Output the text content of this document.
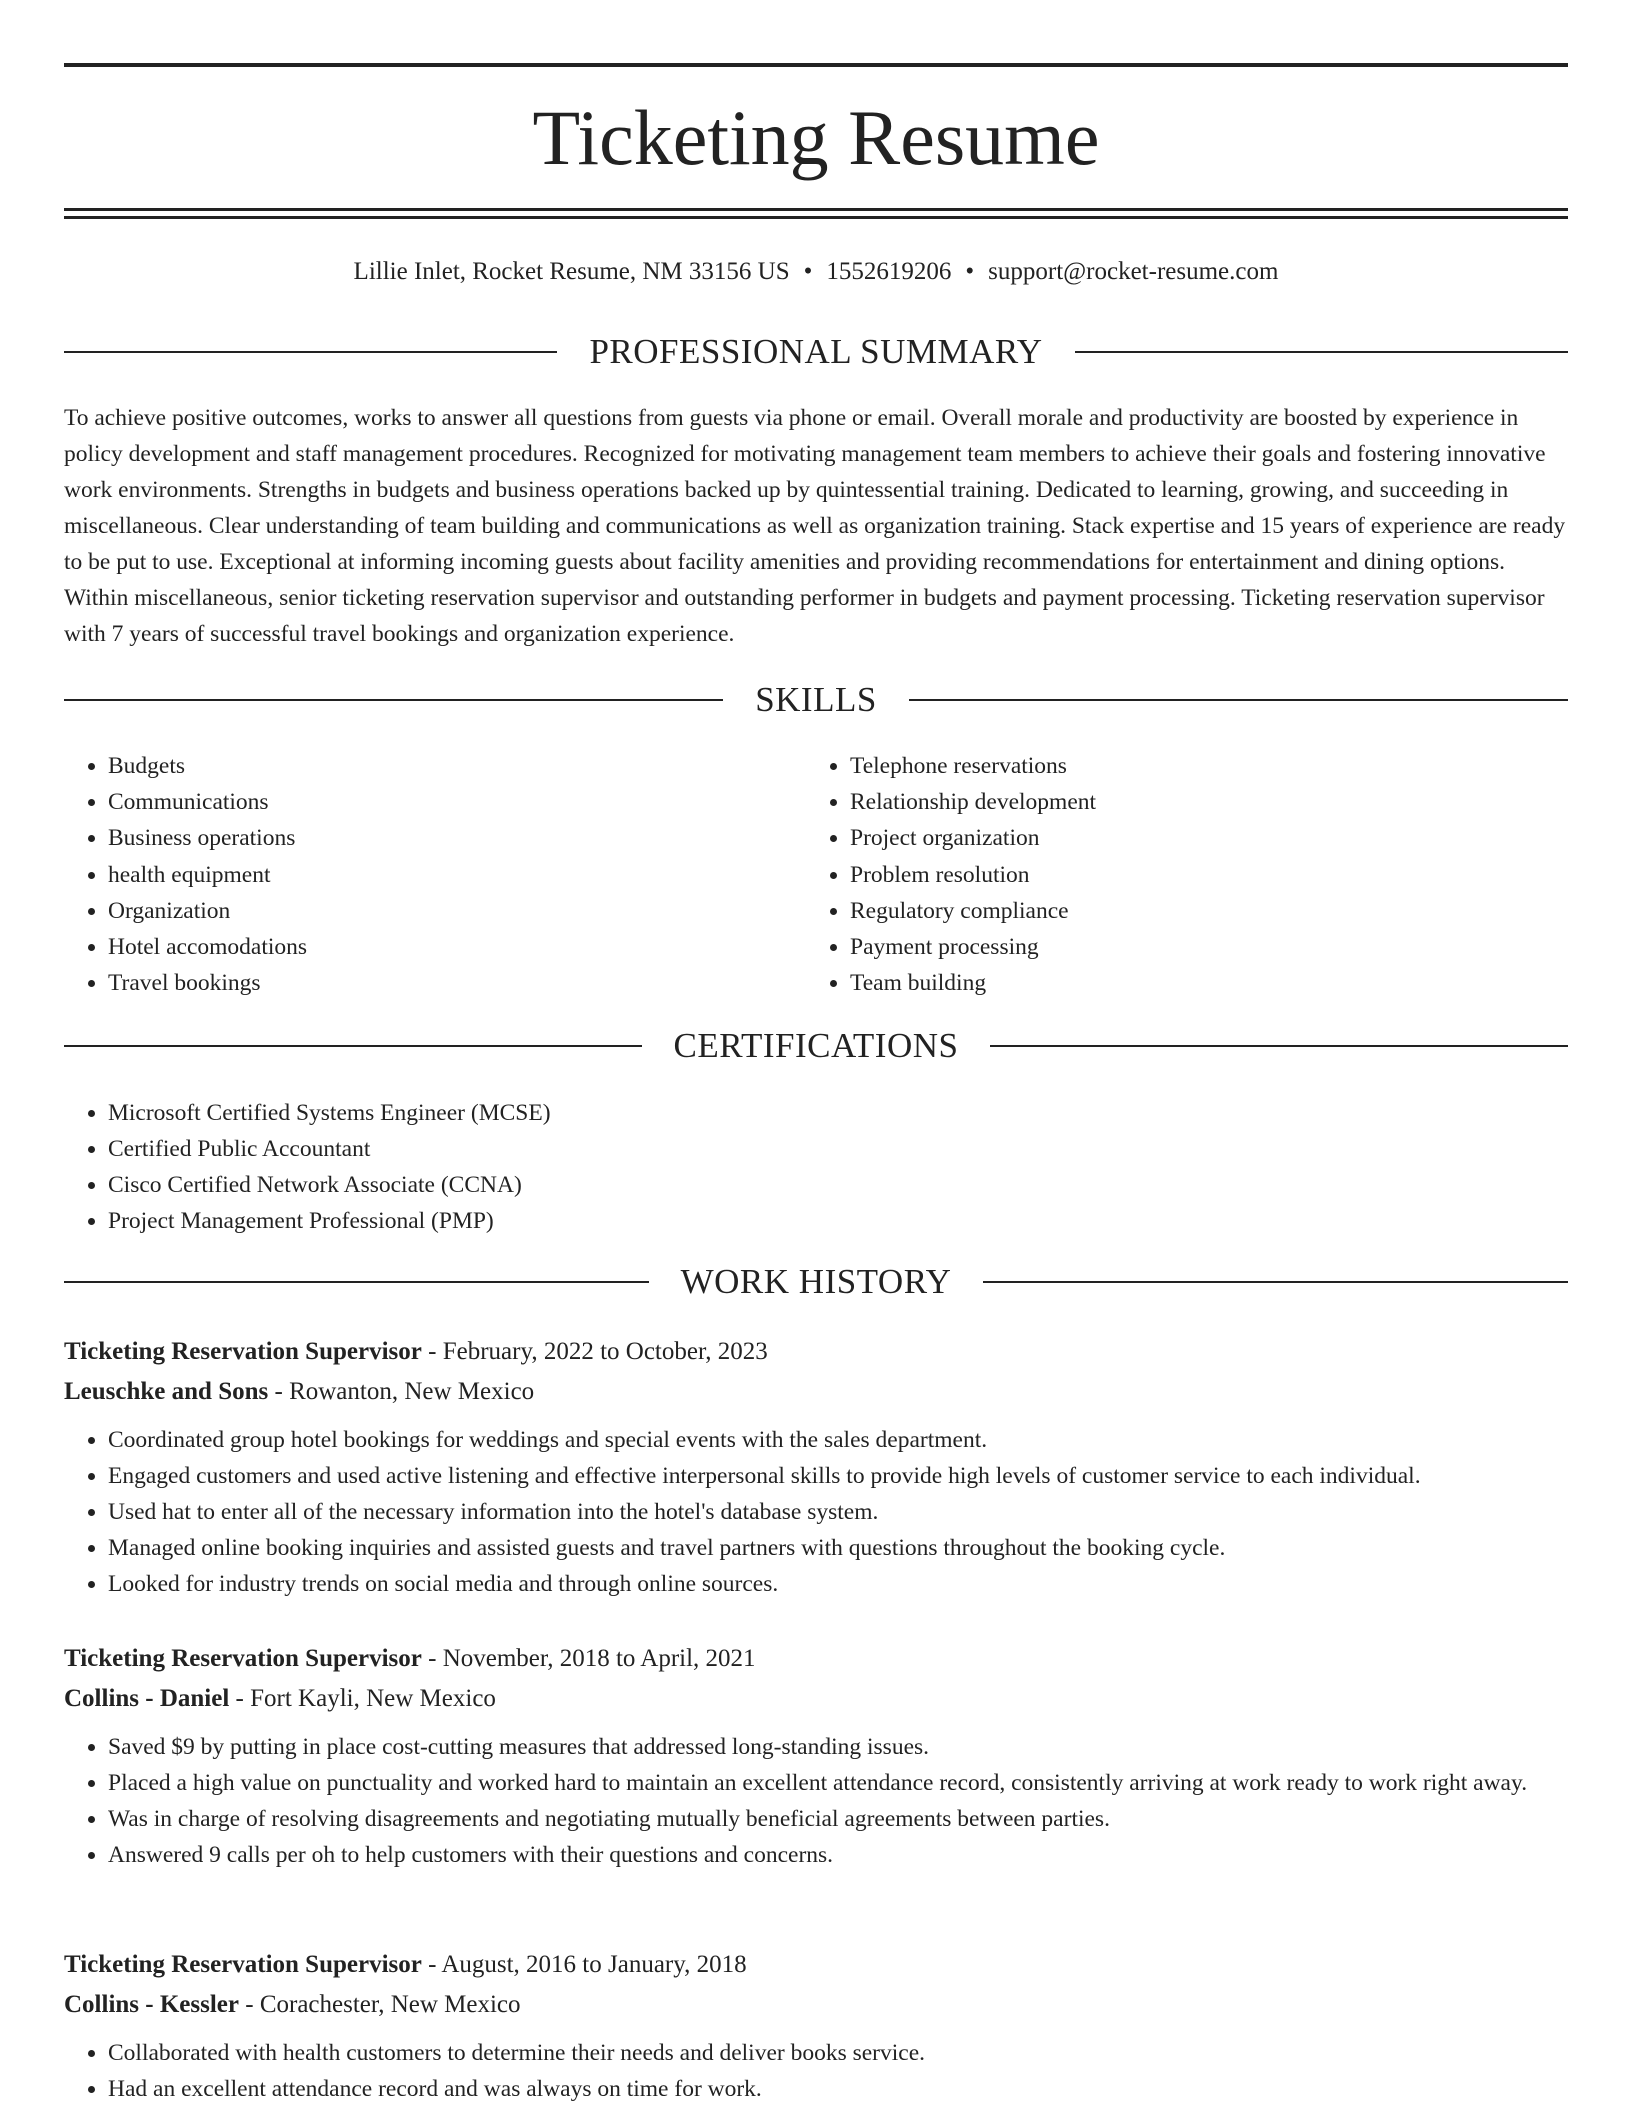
Ticketing Resume
Lillie Inlet, Rocket Resume, NM 33156 US • 1552619206 • support@rocket-resume.com
PROFESSIONAL SUMMARY

To achieve positive outcomes, works to answer all questions from guests via phone or email. Overall morale and productivity are boosted by experience in policy development and staff management procedures. Recognized for motivating management team members to achieve their goals and fostering innovative work environments. Strengths in budgets and business operations backed up by quintessential training. Dedicated to learning, growing, and succeeding in miscellaneous. Clear understanding of team building and communications as well as organization training. Stack expertise and 15 years of experience are ready to be put to use. Exceptional at informing incoming guests about facility amenities and providing recommendations for entertainment and dining options. Within miscellaneous, senior ticketing reservation supervisor and outstanding performer in budgets and payment processing. Ticketing reservation supervisor with 7 years of successful travel bookings and organization experience.

SKILLS
• Budgets
• Communications
• Business operations
• health equipment
• Organization
• Hotel accomodations
• Travel bookings
• Telephone reservations
• Relationship development
• Project organization
• Problem resolution
• Regulatory compliance
• Payment processing
• Team building
CERTIFICATIONS
• Microsoft Certified Systems Engineer (MCSE)
• Certified Public Accountant
• Cisco Certified Network Associate (CCNA)
• Project Management Professional (PMP)
WORK HISTORY
Ticketing Reservation Supervisor - February, 2022 to October, 2023
Leuschke and Sons - Rowanton, New Mexico
• Coordinated group hotel bookings for weddings and special events with the sales department.
• Engaged customers and used active listening and effective interpersonal skills to provide high levels of customer service to each individual.
• Used hat to enter all of the necessary information into the hotel's database system.
• Managed online booking inquiries and assisted guests and travel partners with questions throughout the booking cycle.
• Looked for industry trends on social media and through online sources.
Ticketing Reservation Supervisor - November, 2018 to April, 2021
Collins - Daniel - Fort Kayli, New Mexico
• Saved $9 by putting in place cost-cutting measures that addressed long-standing issues.
• Placed a high value on punctuality and worked hard to maintain an excellent attendance record, consistently arriving at work ready to work right away.
• Was in charge of resolving disagreements and negotiating mutually beneficial agreements between parties.
• Answered 9 calls per oh to help customers with their questions and concerns.
Ticketing Reservation Supervisor - August, 2016 to January, 2018
Collins - Kessler - Corachester, New Mexico
• Collaborated with health customers to determine their needs and deliver books service.
• Had an excellent attendance record and was always on time for work.
